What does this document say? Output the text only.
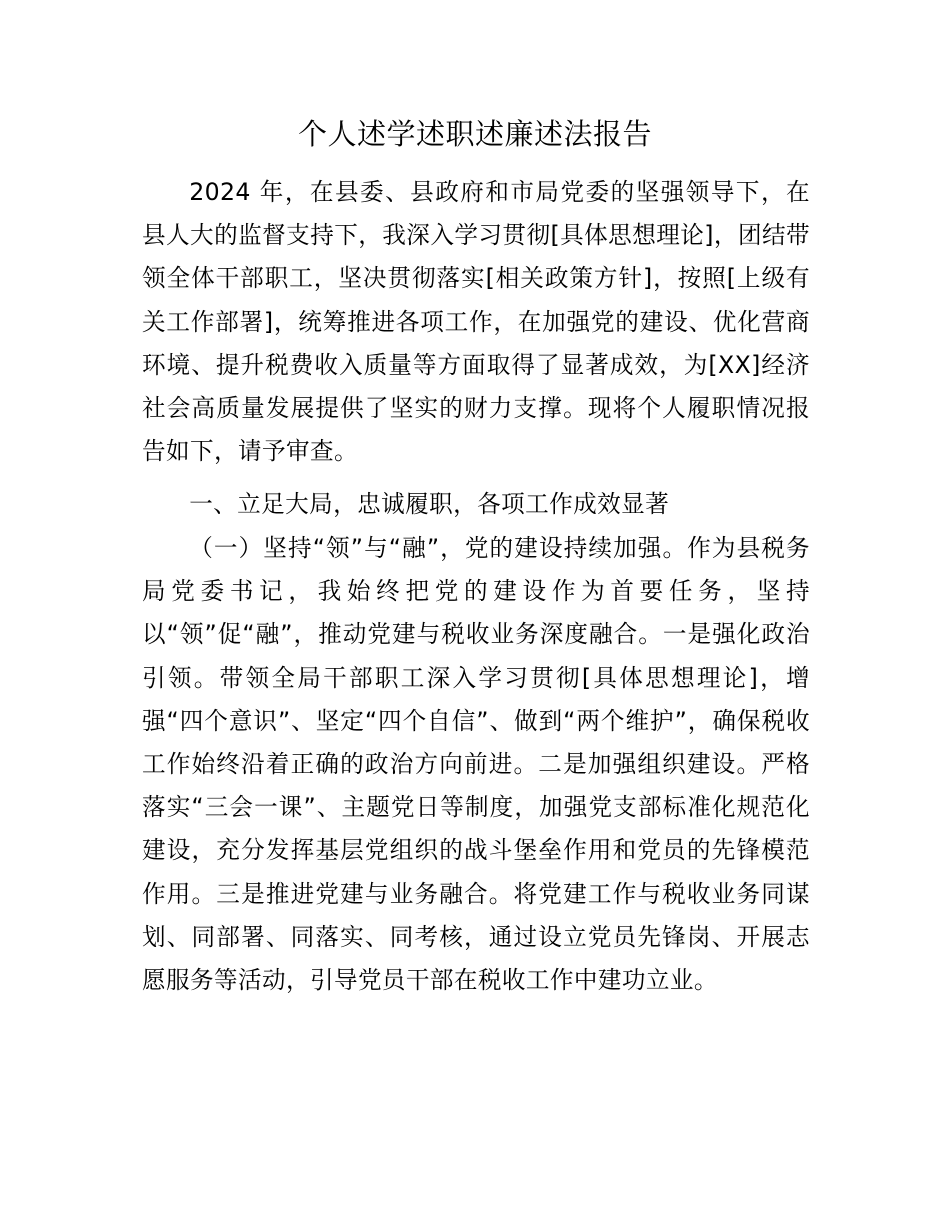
个人述学述职述廉述法报告

2024 年，在县委、县政府和市局党委的坚强领导下，在县人大的监督支持下，我深入学习贯彻[具体思想理论]，团结带领全体干部职工，坚决贯彻落实[相关政策方针]，按照[上级有关工作部署]，统筹推进各项工作，在加强党的建设、优化营商环境、提升税费收入质量等方面取得了显著成效，为[XX]经济社会高质量发展提供了坚实的财力支撑。现将个人履职情况报告如下，请予审查。

一、立足大局，忠诚履职，各项工作成效显著

（一）坚持“领”与“融”，党的建设持续加强。作为县税务局党委书记，我始终把党的建设作为首要任务，坚持以“领”促“融”，推动党建与税收业务深度融合。一是强化政治引领。带领全局干部职工深入学习贯彻[具体思想理论]，增强“四个意识”、坚定“四个自信”、做到“两个维护”，确保税收工作始终沿着正确的政治方向前进。二是加强组织建设。严格落实“三会一课”、主题党日等制度，加强党支部标准化规范化建设，充分发挥基层党组织的战斗堡垒作用和党员的先锋模范作用。三是推进党建与业务融合。将党建工作与税收业务同谋划、同部署、同落实、同考核，通过设立党员先锋岗、开展志愿服务等活动，引导党员干部在税收工作中建功立业。
